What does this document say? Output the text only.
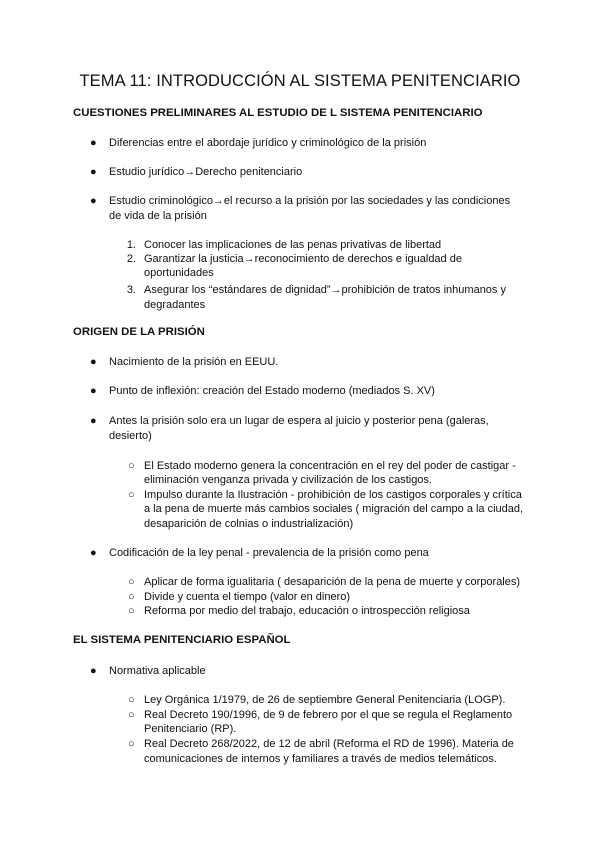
TEMA 11: INTRODUCCIÓN AL SISTEMA PENITENCIARIO
CUESTIONES PRELIMINARES AL ESTUDIO DE L SISTEMA PENITENCIARIO
● Diferencias entre el abordaje jurídico y criminológico de la prisión
● Estudio jurídico→Derecho penitenciario
● Estudio criminológico→el recurso a la prisión por las sociedades y las condiciones
de vida de la prisión
1. Conocer las implicaciones de las penas privativas de libertad
2. Garantizar la justicia→reconocimiento de derechos e igualdad de
oportunidades
3. Asegurar los “estándares de dignidad”→prohibición de tratos inhumanos y
degradantes
ORIGEN DE LA PRISIÓN
● Nacimiento de la prisión en EEUU.
● Punto de inflexión: creación del Estado moderno (mediados S. XV)
● Antes la prisión solo era un lugar de espera al juicio y posterior pena (galeras,
desierto)
○ El Estado moderno genera la concentración en el rey del poder de castigar -
eliminación venganza privada y civilización de los castigos.
○ Impulso durante la Ilustración - prohibición de los castigos corporales y crítica
a la pena de muerte más cambios sociales ( migración del campo a la ciudad,
desaparición de colnias o industrialización)
● Codificación de la ley penal - prevalencia de la prisión como pena
○ Aplicar de forma igualitaria ( desaparición de la pena de muerte y corporales)
○ Divide y cuenta el tiempo (valor en dinero)
○ Reforma por medio del trabajo, educación o introspección religiosa
EL SISTEMA PENITENCIARIO ESPAÑOL
● Normativa aplicable
○ Ley Orgánica 1/1979, de 26 de septiembre General Penitenciaria (LOGP).
○ Real Decreto 190/1996, de 9 de febrero por el que se regula el Reglamento
Penitenciario (RP).
○ Real Decreto 268/2022, de 12 de abril (Reforma el RD de 1996). Materia de
comunicaciones de internos y familiares a través de medios telemáticos.
